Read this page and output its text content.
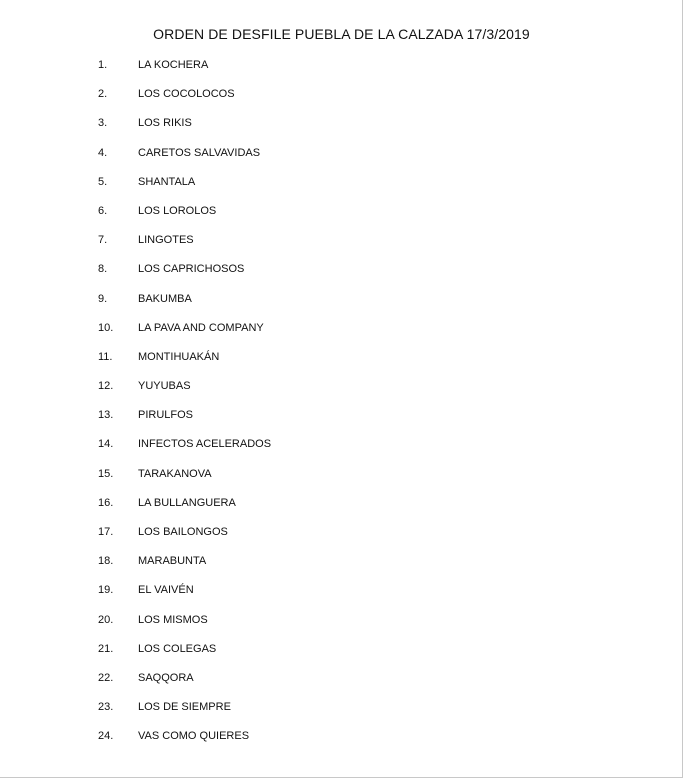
ORDEN DE DESFILE PUEBLA DE LA CALZADA 17/3/2019
1.	LA KOCHERA
2.	LOS COCOLOCOS
3.	LOS RIKIS
4.	CARETOS SALVAVIDAS
5.	SHANTALA
6.	LOS LOROLOS
7.	LINGOTES
8.	LOS CAPRICHOSOS
9.	BAKUMBA
10. LA PAVA AND COMPANY
11. MONTIHUAKÁN
12. YUYUBAS
13. PIRULFOS
14. INFECTOS ACELERADOS
15. TARAKANOVA
16. LA BULLANGUERA
17. LOS BAILONGOS
18. MARABUNTA
19. EL VAIVÉN
20. LOS MISMOS
21. LOS COLEGAS
22. SAQQORA
23. LOS DE SIEMPRE
24. VAS COMO QUIERES
